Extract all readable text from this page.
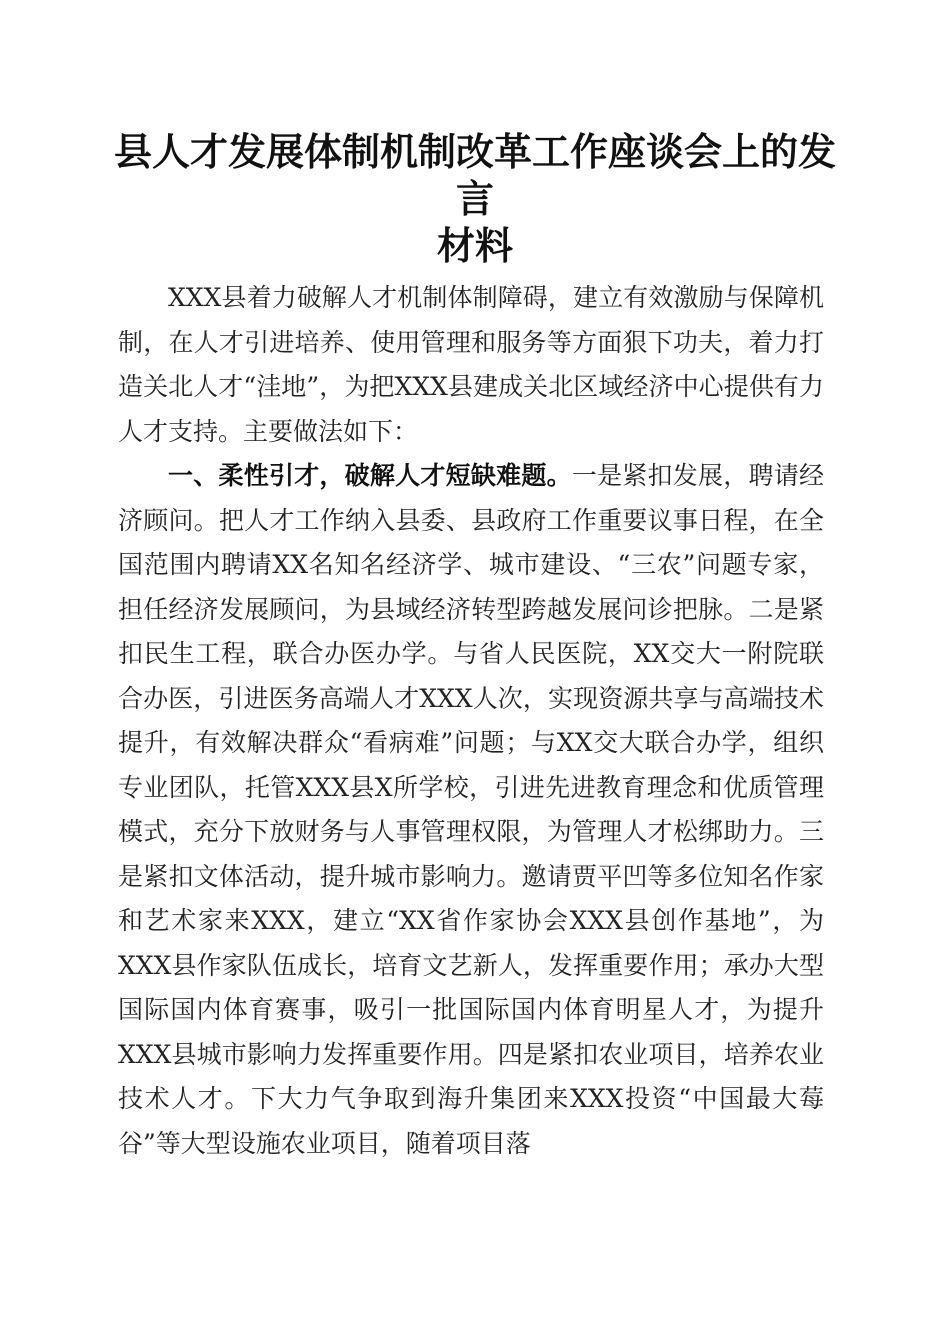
县人才发展体制机制改革工作座谈会上的发言
材料

XXX县着力破解人才机制体制障碍，建立有效激励与保障机制，在人才引进培养、使用管理和服务等方面狠下功夫，着力打造关北人才“洼地”，为把XXX县建成关北区域经济中心提供有力人才支持。主要做法如下：

一、柔性引才，破解人才短缺难题。一是紧扣发展，聘请经济顾问。把人才工作纳入县委、县政府工作重要议事日程，在全国范围内聘请XX名知名经济学、城市建设、“三农”问题专家，担任经济发展顾问，为县域经济转型跨越发展问诊把脉。二是紧扣民生工程，联合办医办学。与省人民医院，XX交大一附院联合办医，引进医务高端人才XXX人次，实现资源共享与高端技术提升，有效解决群众“看病难”问题；与XX交大联合办学，组织专业团队，托管XXX县X所学校，引进先进教育理念和优质管理模式，充分下放财务与人事管理权限，为管理人才松绑助力。三是紧扣文体活动，提升城市影响力。邀请贾平凹等多位知名作家和艺术家来XXX，建立“XX省作家协会XXX县创作基地”，为XXX县作家队伍成长，培育文艺新人，发挥重要作用；承办大型国际国内体育赛事，吸引一批国际国内体育明星人才，为提升XXX县城市影响力发挥重要作用。四是紧扣农业项目，培养农业技术人才。下大力气争取到海升集团来XXX投资“中国最大莓谷”等大型设施农业项目，随着项目落
